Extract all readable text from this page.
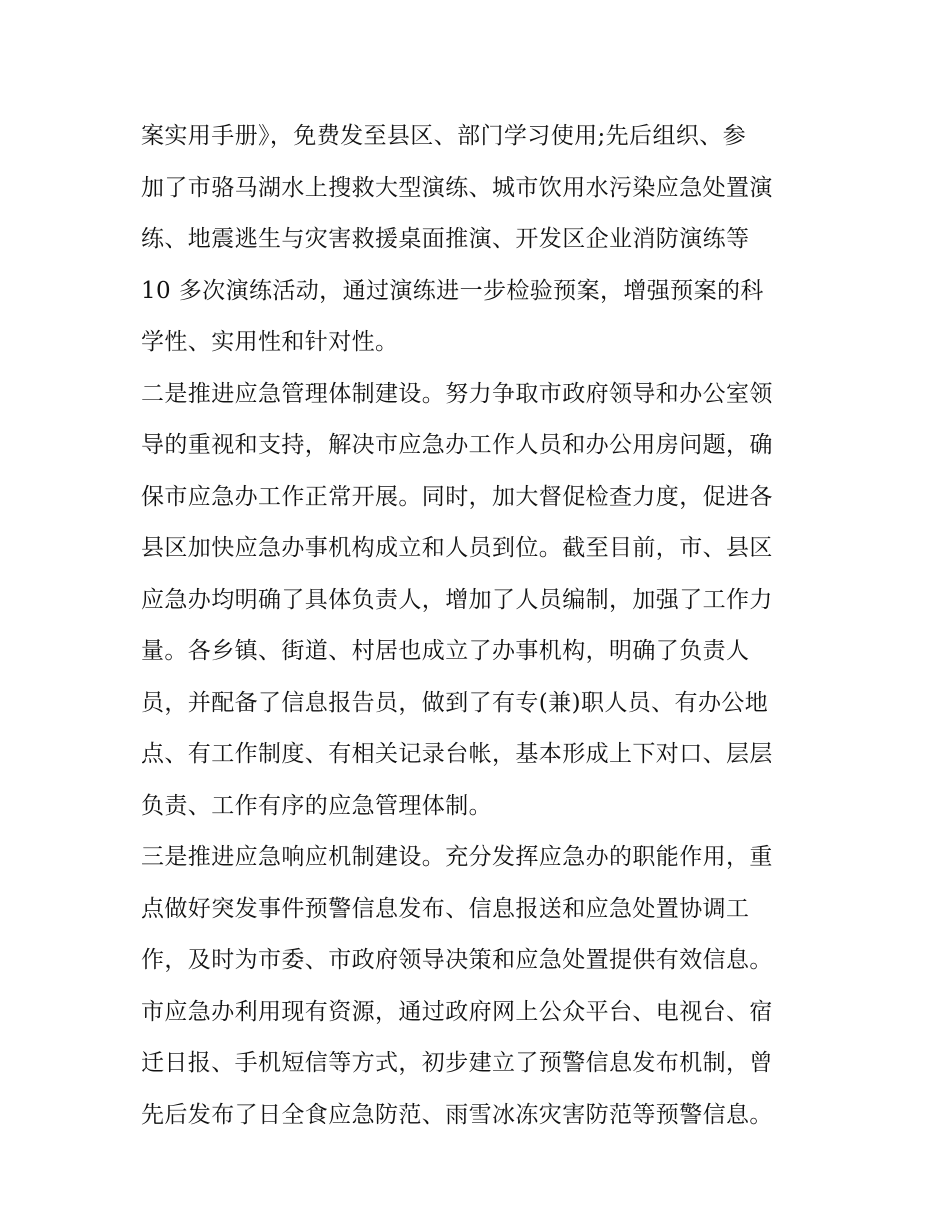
案实用手册》，免费发至县区、部门学习使用;先后组织、参
加了市骆马湖水上搜救大型演练、城市饮用水污染应急处置演
练、地震逃生与灾害救援桌面推演、开发区企业消防演练等
10 多次演练活动，通过演练进一步检验预案，增强预案的科
学性、实用性和针对性。
二是推进应急管理体制建设。努力争取市政府领导和办公室领
导的重视和支持，解决市应急办工作人员和办公用房问题，确
保市应急办工作正常开展。同时，加大督促检查力度，促进各
县区加快应急办事机构成立和人员到位。截至目前，市、县区
应急办均明确了具体负责人，增加了人员编制，加强了工作力
量。各乡镇、街道、村居也成立了办事机构，明确了负责人
员，并配备了信息报告员，做到了有专(兼)职人员、有办公地
点、有工作制度、有相关记录台帐，基本形成上下对口、层层
负责、工作有序的应急管理体制。
三是推进应急响应机制建设。充分发挥应急办的职能作用，重
点做好突发事件预警信息发布、信息报送和应急处置协调工
作，及时为市委、市政府领导决策和应急处置提供有效信息。
市应急办利用现有资源，通过政府网上公众平台、电视台、宿
迁日报、手机短信等方式，初步建立了预警信息发布机制，曾
先后发布了日全食应急防范、雨雪冰冻灾害防范等预警信息。
